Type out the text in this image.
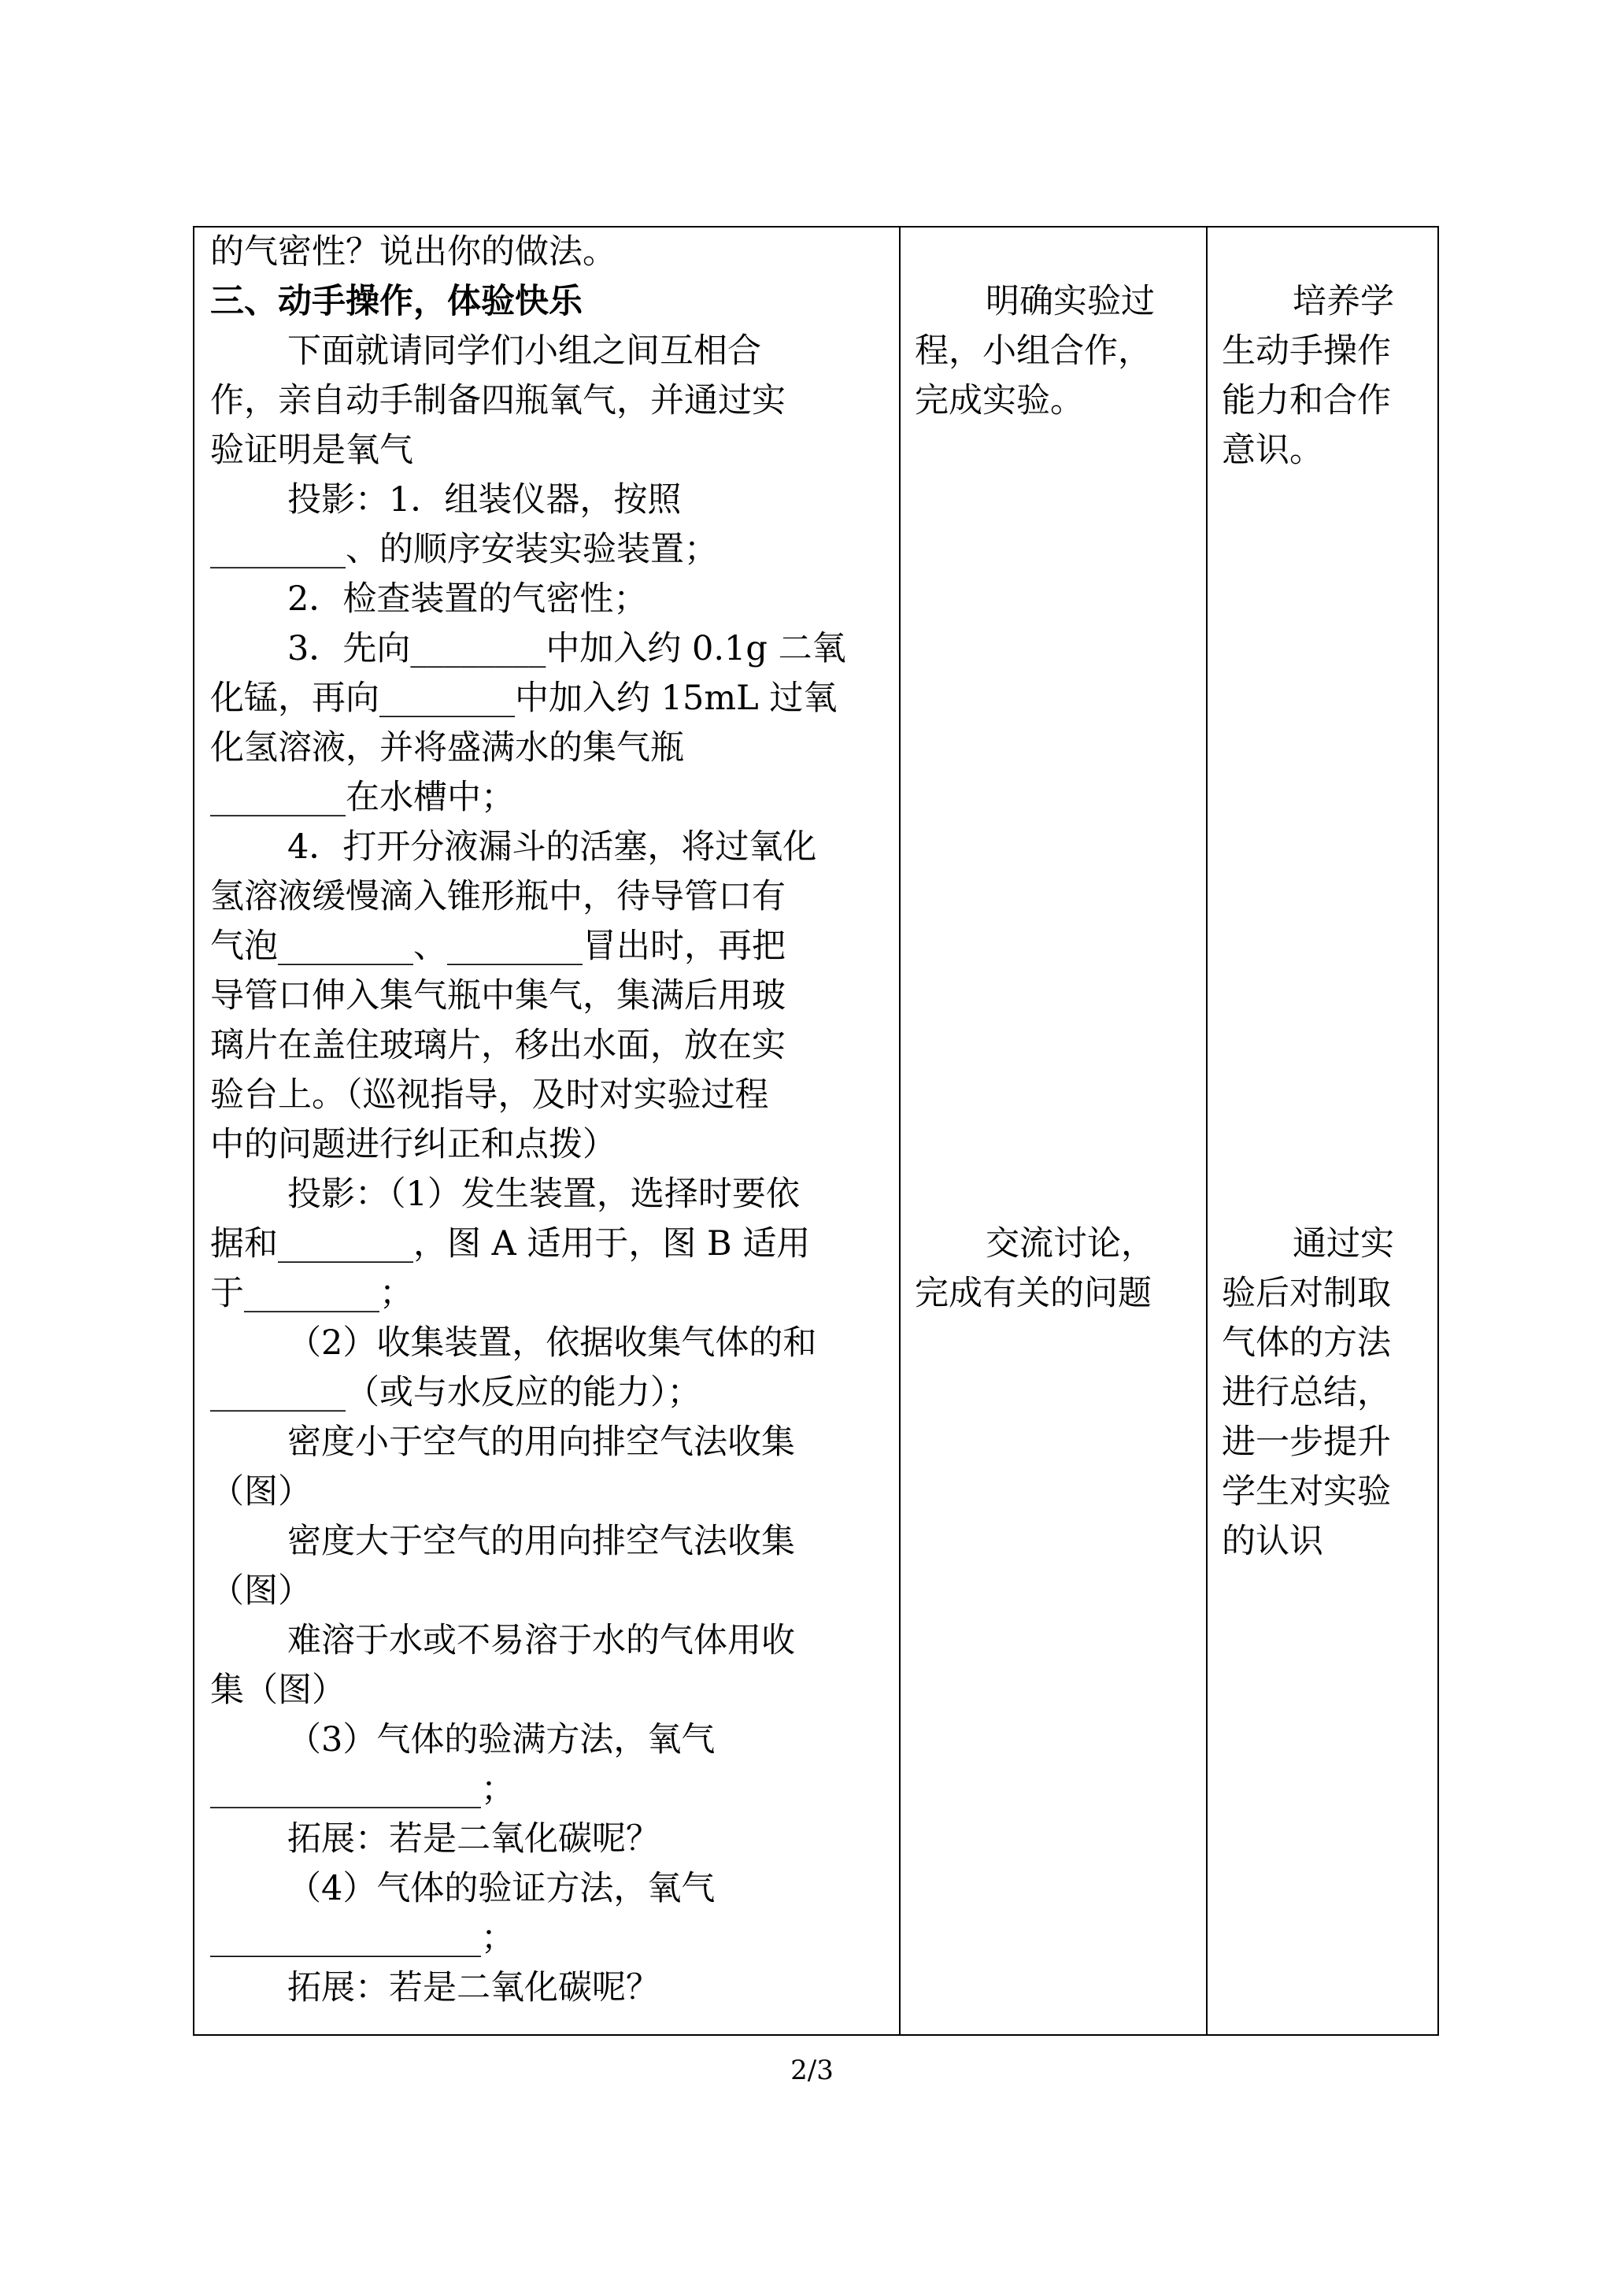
的气密性？说出你的做法。
三、动手操作，体验快乐
下面就请同学们小组之间互相合
作，亲自动手制备四瓶氧气，并通过实
验证明是氧气
投影：1．组装仪器，按照
________、的顺序安装实验装置；
2．检查装置的气密性；
3．先向________中加入约 0.1g 二氧
化锰，再向________中加入约 15mL 过氧
化氢溶液，并将盛满水的集气瓶
________在水槽中；
4．打开分液漏斗的活塞，将过氧化
氢溶液缓慢滴入锥形瓶中，待导管口有
气泡________、________冒出时，再把
导管口伸入集气瓶中集气，集满后用玻
璃片在盖住玻璃片，移出水面，放在实
验台上。（巡视指导，及时对实验过程
中的问题进行纠正和点拨）
投影：（1）发生装置，选择时要依
据和________，图 A 适用于，图 B 适用
于________；
（2）收集装置，依据收集气体的和
________（或与水反应的能力）；
密度小于空气的用向排空气法收集
（图）
密度大于空气的用向排空气法收集
（图）
难溶于水或不易溶于水的气体用收
集（图）
（3）气体的验满方法，氧气
________________；
拓展：若是二氧化碳呢？
（4）气体的验证方法，氧气
________________；
拓展：若是二氧化碳呢？
明确实验过
程，小组合作，
完成实验。
交流讨论，
完成有关的问题
培养学
生动手操作
能力和合作
意识。
通过实
验后对制取
气体的方法
进行总结，
进一步提升
学生对实验
的认识
2/3
